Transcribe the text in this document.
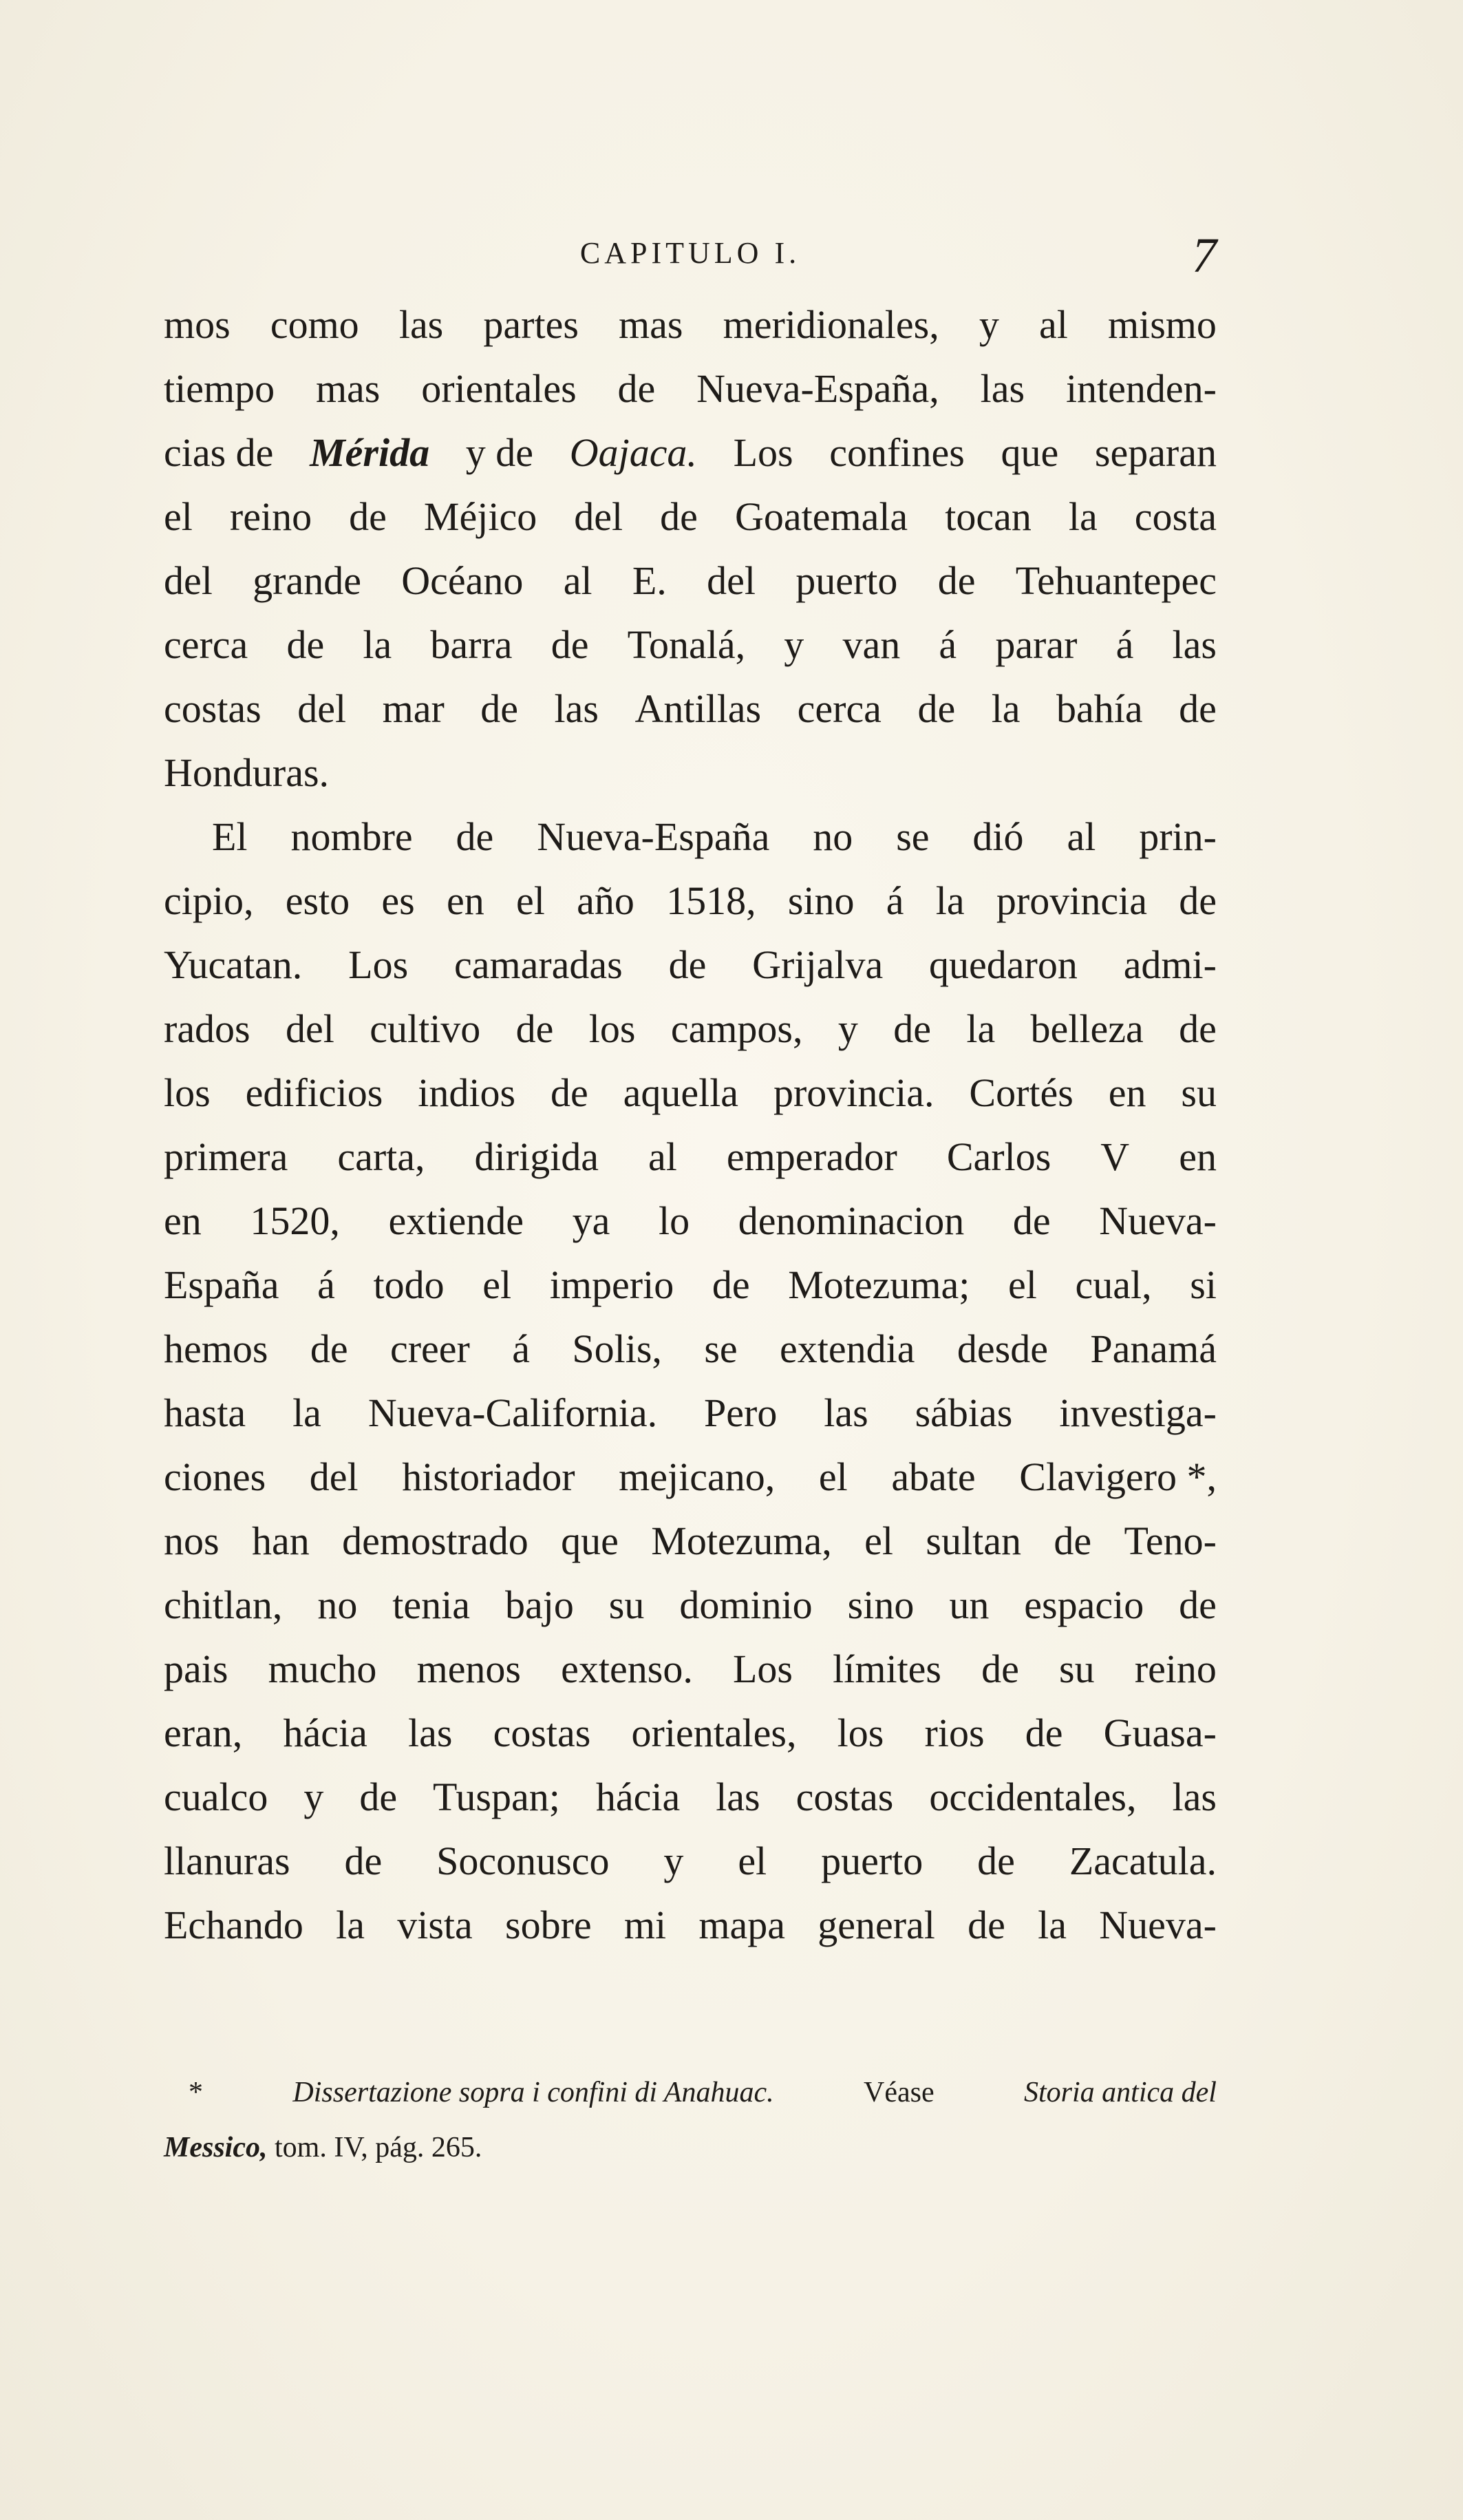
CAPITULO I.	7
mos como las partes mas meridionales, y al mismo
tiempo mas orientales de Nueva-España, las intenden-
cias de Mérida y de Oajaca. Los confines que separan
el reino de Méjico del de Goatemala tocan la costa
del grande Océano al E. del puerto de Tehuantepec
cerca de la barra de Tonalá, y van á parar á las
costas del mar de las Antillas cerca de la bahía de
Honduras.
El nombre de Nueva-España no se dió al prin-
cipio, esto es en el año 1518, sino á la provincia de
Yucatan. Los camaradas de Grijalva quedaron admi-
rados del cultivo de los campos, y de la belleza de
los edificios indios de aquella provincia. Cortés en su
primera carta, dirigida al emperador Carlos V en
en 1520, extiende ya lo denominacion de Nueva-
España á todo el imperio de Motezuma; el cual, si
hemos de creer á Solis, se extendia desde Panamá
hasta la Nueva-California. Pero las sábias investiga-
ciones del historiador mejicano, el abate Clavigero *,
nos han demostrado que Motezuma, el sultan de Teno-
chitlan, no tenia bajo su dominio sino un espacio de
pais mucho menos extenso. Los límites de su reino
eran, hácia las costas orientales, los rios de Guasa-
cualco y de Tuspan; hácia las costas occidentales, las
llanuras de Soconusco y el puerto de Zacatula.
Echando la vista sobre mi mapa general de la Nueva-
*	Dissertazione sopra i confini di Anahuac.	Véase	Storia antica del
Messico,
tom. IV, pág. 265.
